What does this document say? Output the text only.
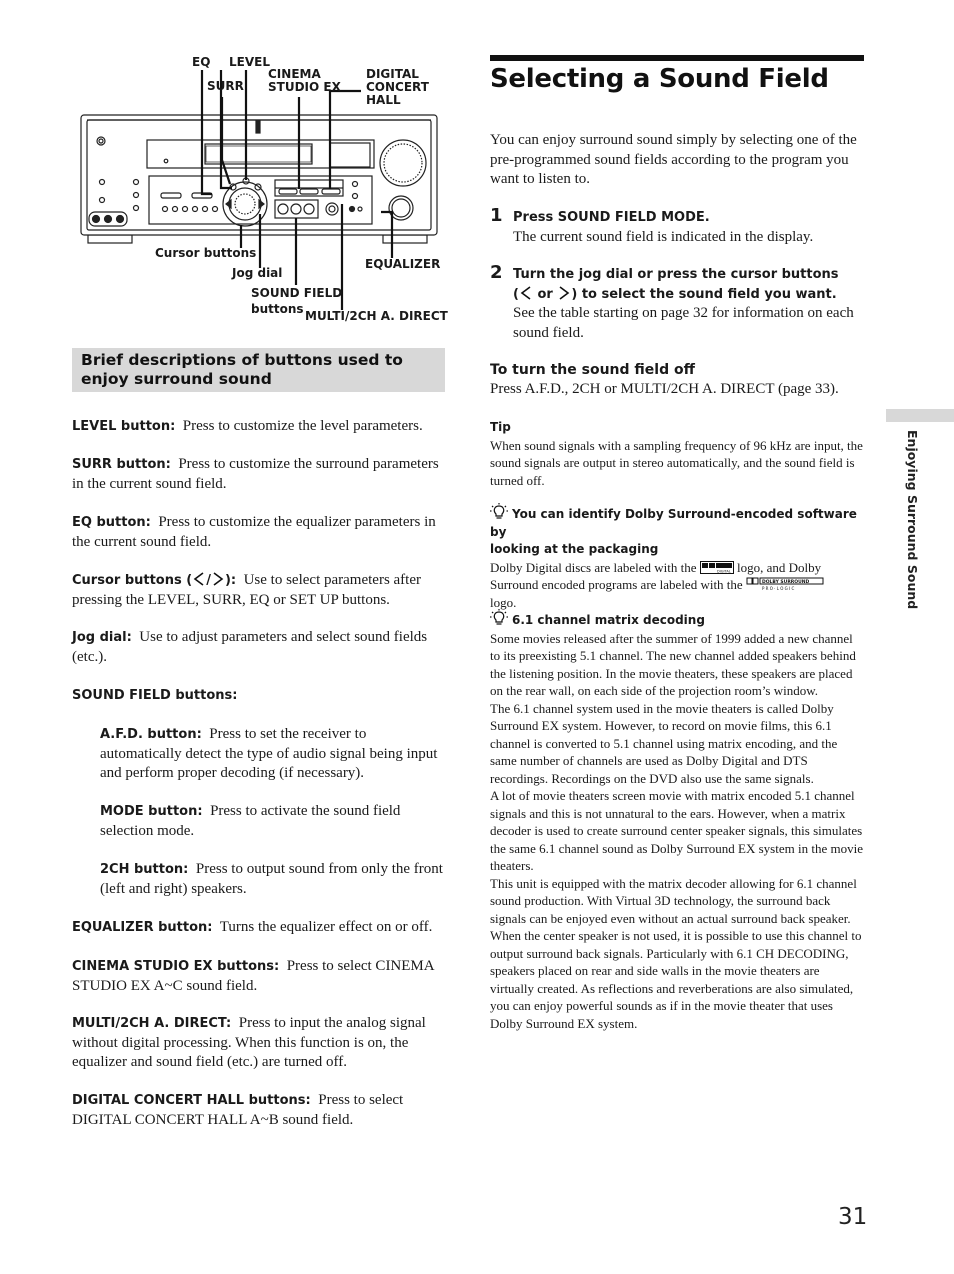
EQ LEVEL
SURR
CINEMA
STUDIO EX
DIGITAL
CONCERT
HALL
Cursor buttons
Jog dial
EQUALIZER
SOUND FIELD
buttons MULTI/2CH A. DIRECT
Brief descriptions of buttons used to
enjoy surround sound
LEVEL button: Press to customize the level parameters.
SURR button: Press to customize the surround parameters in the current sound field.
EQ button: Press to customize the equalizer parameters in the current sound field.
Cursor buttons ( / ): Use to select parameters after pressing the LEVEL, SURR, EQ or SET UP buttons.
Jog dial: Use to adjust parameters and select sound fields (etc.).
SOUND FIELD buttons:
A.F.D. button: Press to set the receiver to automatically detect the type of audio signal being input and perform proper decoding (if necessary).
MODE button: Press to activate the sound field selection mode.
2CH button: Press to output sound from only the front (left and right) speakers.
EQUALIZER button: Turns the equalizer effect on or off.
CINEMA STUDIO EX buttons: Press to select CINEMA STUDIO EX A~C sound field.
MULTI/2CH A. DIRECT: Press to input the analog signal without digital processing. When this function is on, the equalizer and sound field (etc.) are turned off.
DIGITAL CONCERT HALL buttons: Press to select DIGITAL CONCERT HALL A~B sound field.
Selecting a Sound Field
You can enjoy surround sound simply by selecting one of the pre-programmed sound fields according to the program you want to listen to.
1 Press SOUND FIELD MODE.
The current sound field is indicated in the display.
2 Turn the jog dial or press the cursor buttons
( or ) to select the sound field you want.
See the table starting on page 32 for information on each sound field.
To turn the sound field off
Press A.F.D., 2CH or MULTI/2CH A. DIRECT (page 33).
Tip
When sound signals with a sampling frequency of 96 kHz are input, the sound signals are output in stereo automatically, and the sound field is turned off.
You can identify Dolby Surround-encoded software by
looking at the packaging
Dolby Digital discs are labeled with the	DIGITAL logo, and Dolby
Surround encoded programs are labeled with the	DOLBY SURROUND
P R O · L O G I C
logo.
6.1 channel matrix decoding
Some movies released after the summer of 1999 added a new channel to its preexisting 5.1 channel. The new channel added speakers behind the listening position. In the movie theaters, these speakers are placed on the rear wall, on each side of the projection room’s window.
The 6.1 channel system used in the movie theaters is called Dolby Surround EX system. However, to record on movie films, this 6.1 channel is converted to 5.1 channel using matrix encoding, and the same number of channels are used as Dolby Digital and DTS recordings. Recordings on the DVD also use the same signals.
A lot of movie theaters screen movie with matrix encoded 5.1 channel signals and this is not unnatural to the ears. However, when a matrix decoder is used to create surround center speaker signals, this simulates the same 6.1 channel sound as Dolby Surround EX system in the movie theaters.
This unit is equipped with the matrix decoder allowing for 6.1 channel sound production. With Virtual 3D technology, the surround back signals can be enjoyed even without an actual surround back speaker. When the center speaker is not used, it is possible to use this channel to output surround back signals. Particularly with 6.1 CH DECODING, speakers placed on rear and side walls in the movie theaters are virtually created. As reflections and reverberations are also simulated, you can enjoy powerful sounds as if in the movie theater that uses Dolby Surround EX system.
Enjoying Surround Sound
31
